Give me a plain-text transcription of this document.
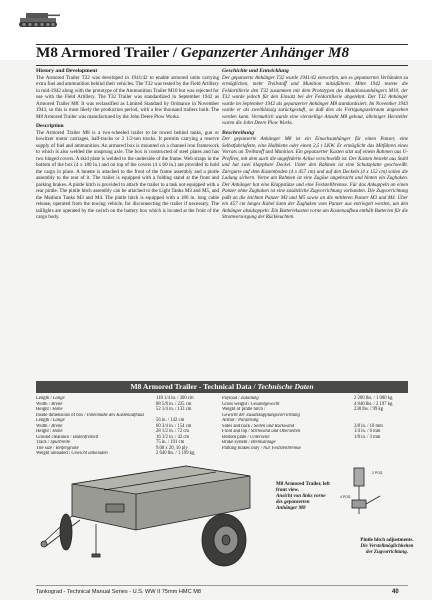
M8 Armored Trailer / Gepanzerter Anhänger M8

History and Development

The Armored Trailer T32 was developed in 1941/42 to enable armored units carrying extra fuel and ammunition behind their vehicles. The T32 was tested by the Field Artillery in mid-1942 along with the prototype of the Ammunition Trailer M10 but was rejected for use with the Field Artillery. The T32 Trailer was standardized in September 1942 as Armored Trailer M8. It was reclassified as Limited Standard by Ordnance in November 1943, so this is most likely the production period, with a few thousand trailers built. The M8 Armored Trailer was manufactured by the John Deere Plow Works.

Description

The Armored Trailer M8 is a two-wheeled trailer to be towed behind tanks, gun or howitzer motor carriages, half-tracks or 2 1/2-ton trucks. It permits carrying a reserve supply of fuel and ammunition. An armored box is mounted on a channel iron framework to which is also welded the unsprung axle. The box is constructed of steel plates and has two hinged covers. A skid plate is welded to the underside of the frame. Web straps in the bottom of the box (4 x 180 in.) and on top of the covers (4 x 60 in.) are provided to hold the cargo in place. A lunette is attached to the front of the frame assembly and a pintle assembly to the rear of it. The trailer is equipped with a folding stand at the front and parking brakes. A pintle hitch is provided to attach the trailer to a task not equipped with a rear pintle. The pintle hitch assembly can be attached to the Light Tanks M3 and M5, and the Medium Tanks M3 and M4. The pintle hitch is equipped with a 180 in. long cable release, operated from the towing vehicle, for disconnecting the trailer if necessary. The taillights are operated by the switch on the battery box which is located at the front of the cargo body.

Geschichte und Entwicklung

Der gepanzerte Anhänger T32 wurde 1941/42 entworfen, um es gepanzerten Verbänden zu ermöglichen, mehr Treibstoff und Munition mitzuführen. Mitte 1942 testete die Feldartillerie den T32 zusammen mit dem Prototypen des Munitionsanhängers M10, der T32 wurde jedoch für den Einsatz bei der Feldartillerie abgelehnt. Der T32 Anhänger wurde im September 1942 als gepanzerter Anhänger M8 standardisiert. Im November 1943 wurde er als zweitklassig zurückgestuft, so daß dies als Fertigungszeitraum angesehen werden kann. Vermutlich wurde eine vierstellige Anzahl M8 gebaut, alleiniger Hersteller waren die John Deere Plow Works.

Beschreibung

Der gepanzerte Anhänger M8 ist ein Einachsanhänger für einen Panzer, eine Selbstfahrlafette, eine Halbkette oder einen 2,5 t LKW. Er ermöglicht das Mitführen eines Vorrats an Treibstoff und Munition. Ein gepanzerter Kasten sitzt auf einem Rahmen aus U-Profilen, mit dem auch die ungefederte Achse verschweißt ist. Der Kasten besteht aus Stahl und hat zwei klappbare Deckel. Unter den Rahmen ist eine Schutzplatte geschweißt. Zurrgurte auf dem Kastenboden (4 x 457 cm) und auf den Deckeln (4 x 152 cm) sollen die Ladung sichern. Vorne am Rahmen ist eine Zugöse angebracht und hinten ein Zughaken. Der Anhänger hat eine Klappstütze und eine Feststellbremse. Für das Ankuppeln an einen Panzer ohne Zughaken ist eine zusätzliche Zugvorrichtung vorhanden. Die Zugvorrichtung paßt an die leichten Panzer M3 und M5 sowie an die mittleren Panzer M3 und M4. Über ein 457 cm langes Kabel kann der Zughaken vom Panzer aus entriegelt werden, um den Anhänger abzukoppeln. Ein Batteriekasten vorne am Kastenaufbau enthält Batterien für die Stromversorgung der Rückleuchten.

M8 Armored Trailer - Technical Data / Technische Daten
Length / Länge	118 1/4 in. / 300 cm
Width / Breite	88 5/8 in. / 225 cm
Height / Höhe	52 1/4 in. / 133 cm
Inside dimensions of box / Innenmaße des Kastenaufbaus
Length / Länge	56 in. / 142 cm
Width / Breite	60 3/4 in. / 154 cm
Height / Höhe	28 1/2 in. / 72 cm
Ground clearance / Bodenfreiheit	16 1/2 in. / 42 cm
Track / Spurbreite	75 in. / 191 cm
Tire size / Reifengröße	9.00 x 20, 10 ply
Weight unloaded / Gewicht unbeladen	2 640 lbs. / 1 199 kg
Payload / Zuladung	2 200 lbs. / 1 000 kg
Gross weight / Gesamtgewicht	4 840 lbs. / 2 197 kg
Weight of pintle hitch /	238 lbs. / 99 kg
Gewicht der Zusatzkupplungsvorrichtung
Armor / Panzerung
Sides and back / Seiten und Rückwand	3/8 in. / 10 mm
Front and top / Stirnwand und Oberseiten	1/4 in. / 6 mm
Bottom plate / Unterseite	1/8 in. / 3 mm
Brake system / Bremsanlage
Parking brakes only / Nur Feststellbremse
2 POS.
4 POS.
M8 Armored Trailer, left front view.
Ansicht von links vorne des gepanzerten Anhänger M8
Pintle hitch adjustments.
Die Verstellmöglichkeiten der Zugvorrichtung.
Tankograd - Technical Manual Series - U.S. WW II 75mm HMC M8	40
